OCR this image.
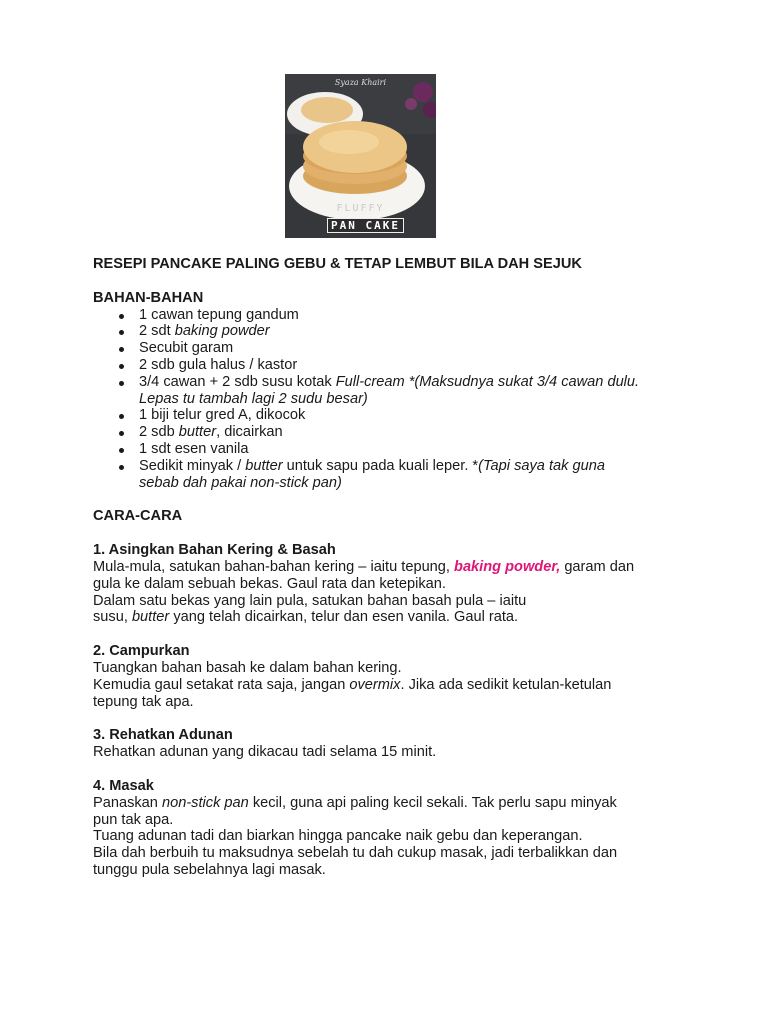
Syaza Khairi
FLUFFY
PAN CAKE

RESEPI PANCAKE PALING GEBU & TETAP LEMBUT BILA DAH SEJUK

BAHAN-BAHAN

1 cawan tepung gandum
2 sdt baking powder
Secubit garam
2 sdb gula halus / kastor
3/4 cawan + 2 sdb susu kotak Full-cream *(Maksudnya sukat 3/4 cawan dulu.
Lepas tu tambah lagi 2 sudu besar)
1 biji telur gred A, dikocok
2 sdb butter, dicairkan
1 sdt esen vanila
Sedikit minyak / butter untuk sapu pada kuali leper. *(Tapi saya tak guna
sebab dah pakai non-stick pan)

CARA-CARA

1. Asingkan Bahan Kering & Basah

Mula-mula, satukan bahan-bahan kering – iaitu tepung, baking powder, garam dan

gula ke dalam sebuah bekas. Gaul rata dan ketepikan.

Dalam satu bekas yang lain pula, satukan bahan basah pula – iaitu

susu, butter yang telah dicairkan, telur dan esen vanila. Gaul rata.

2. Campurkan

Tuangkan bahan basah ke dalam bahan kering.

Kemudia gaul setakat rata saja, jangan overmix. Jika ada sedikit ketulan-ketulan

tepung tak apa.

3. Rehatkan Adunan

Rehatkan adunan yang dikacau tadi selama 15 minit.

4. Masak

Panaskan non-stick pan kecil, guna api paling kecil sekali. Tak perlu sapu minyak

pun tak apa.

Tuang adunan tadi dan biarkan hingga pancake naik gebu dan keperangan.

Bila dah berbuih tu maksudnya sebelah tu dah cukup masak, jadi terbalikkan dan

tunggu pula sebelahnya lagi masak.
